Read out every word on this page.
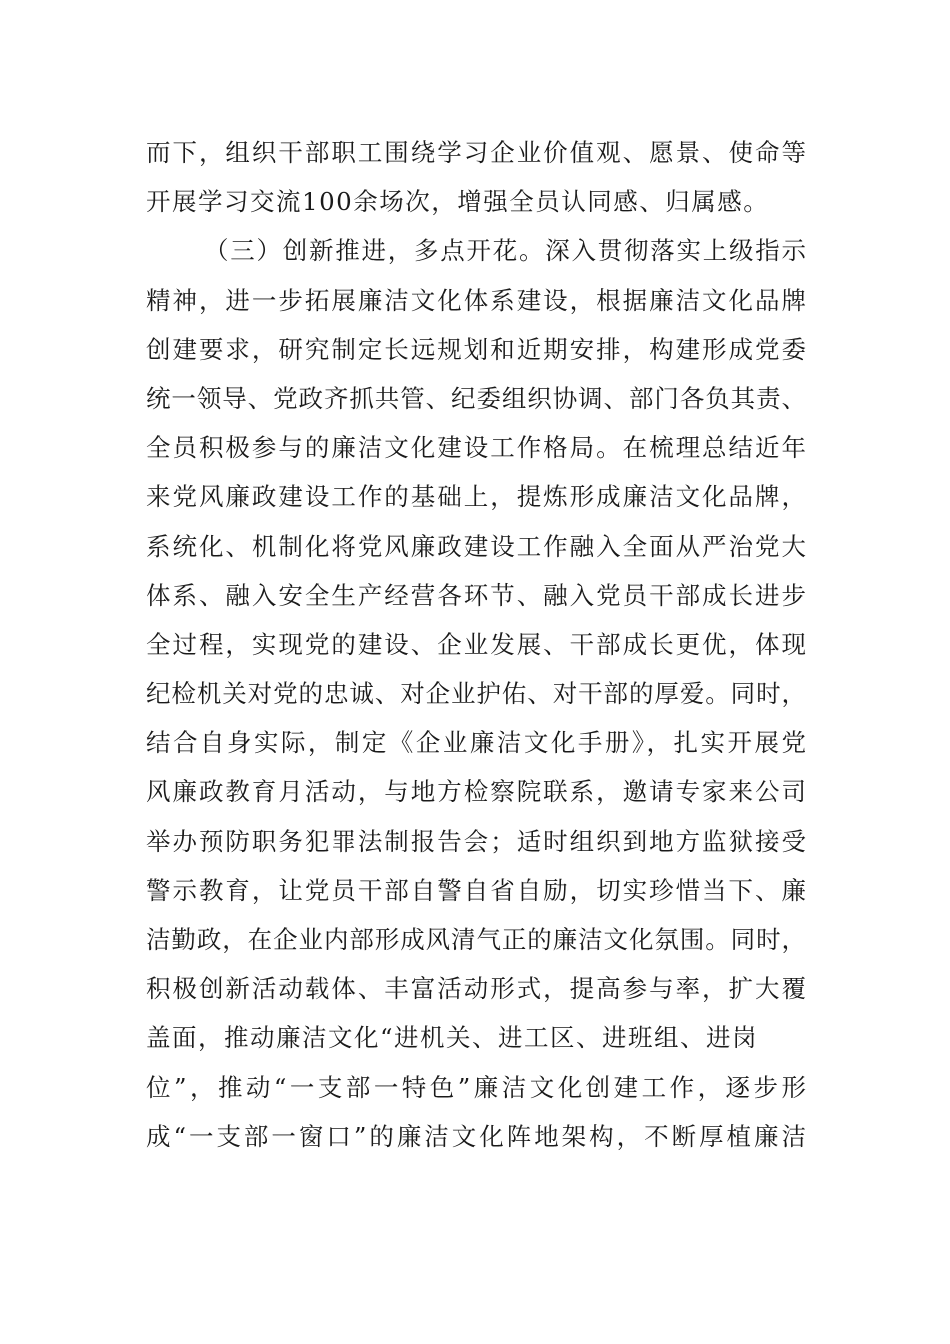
而下，组织干部职工围绕学习企业价值观、愿景、使命等
开展学习交流100余场次，增强全员认同感、归属感。
（三）创新推进，多点开花。深入贯彻落实上级指示
精神，进一步拓展廉洁文化体系建设，根据廉洁文化品牌
创建要求，研究制定长远规划和近期安排，构建形成党委
统一领导、党政齐抓共管、纪委组织协调、部门各负其责、
全员积极参与的廉洁文化建设工作格局。在梳理总结近年
来党风廉政建设工作的基础上，提炼形成廉洁文化品牌，
系统化、机制化将党风廉政建设工作融入全面从严治党大
体系、融入安全生产经营各环节、融入党员干部成长进步
全过程，实现党的建设、企业发展、干部成长更优，体现
纪检机关对党的忠诚、对企业护佑、对干部的厚爱。同时，
结合自身实际，制定《企业廉洁文化手册》，扎实开展党
风廉政教育月活动，与地方检察院联系，邀请专家来公司
举办预防职务犯罪法制报告会；适时组织到地方监狱接受
警示教育，让党员干部自警自省自励，切实珍惜当下、廉
洁勤政，在企业内部形成风清气正的廉洁文化氛围。同时，
积极创新活动载体、丰富活动形式，提高参与率，扩大覆
盖面，推动廉洁文化“进机关、进工区、进班组、进岗
位”，推动“一支部一特色”廉洁文化创建工作，逐步形
成“一支部一窗口”的廉洁文化阵地架构，不断厚植廉洁
